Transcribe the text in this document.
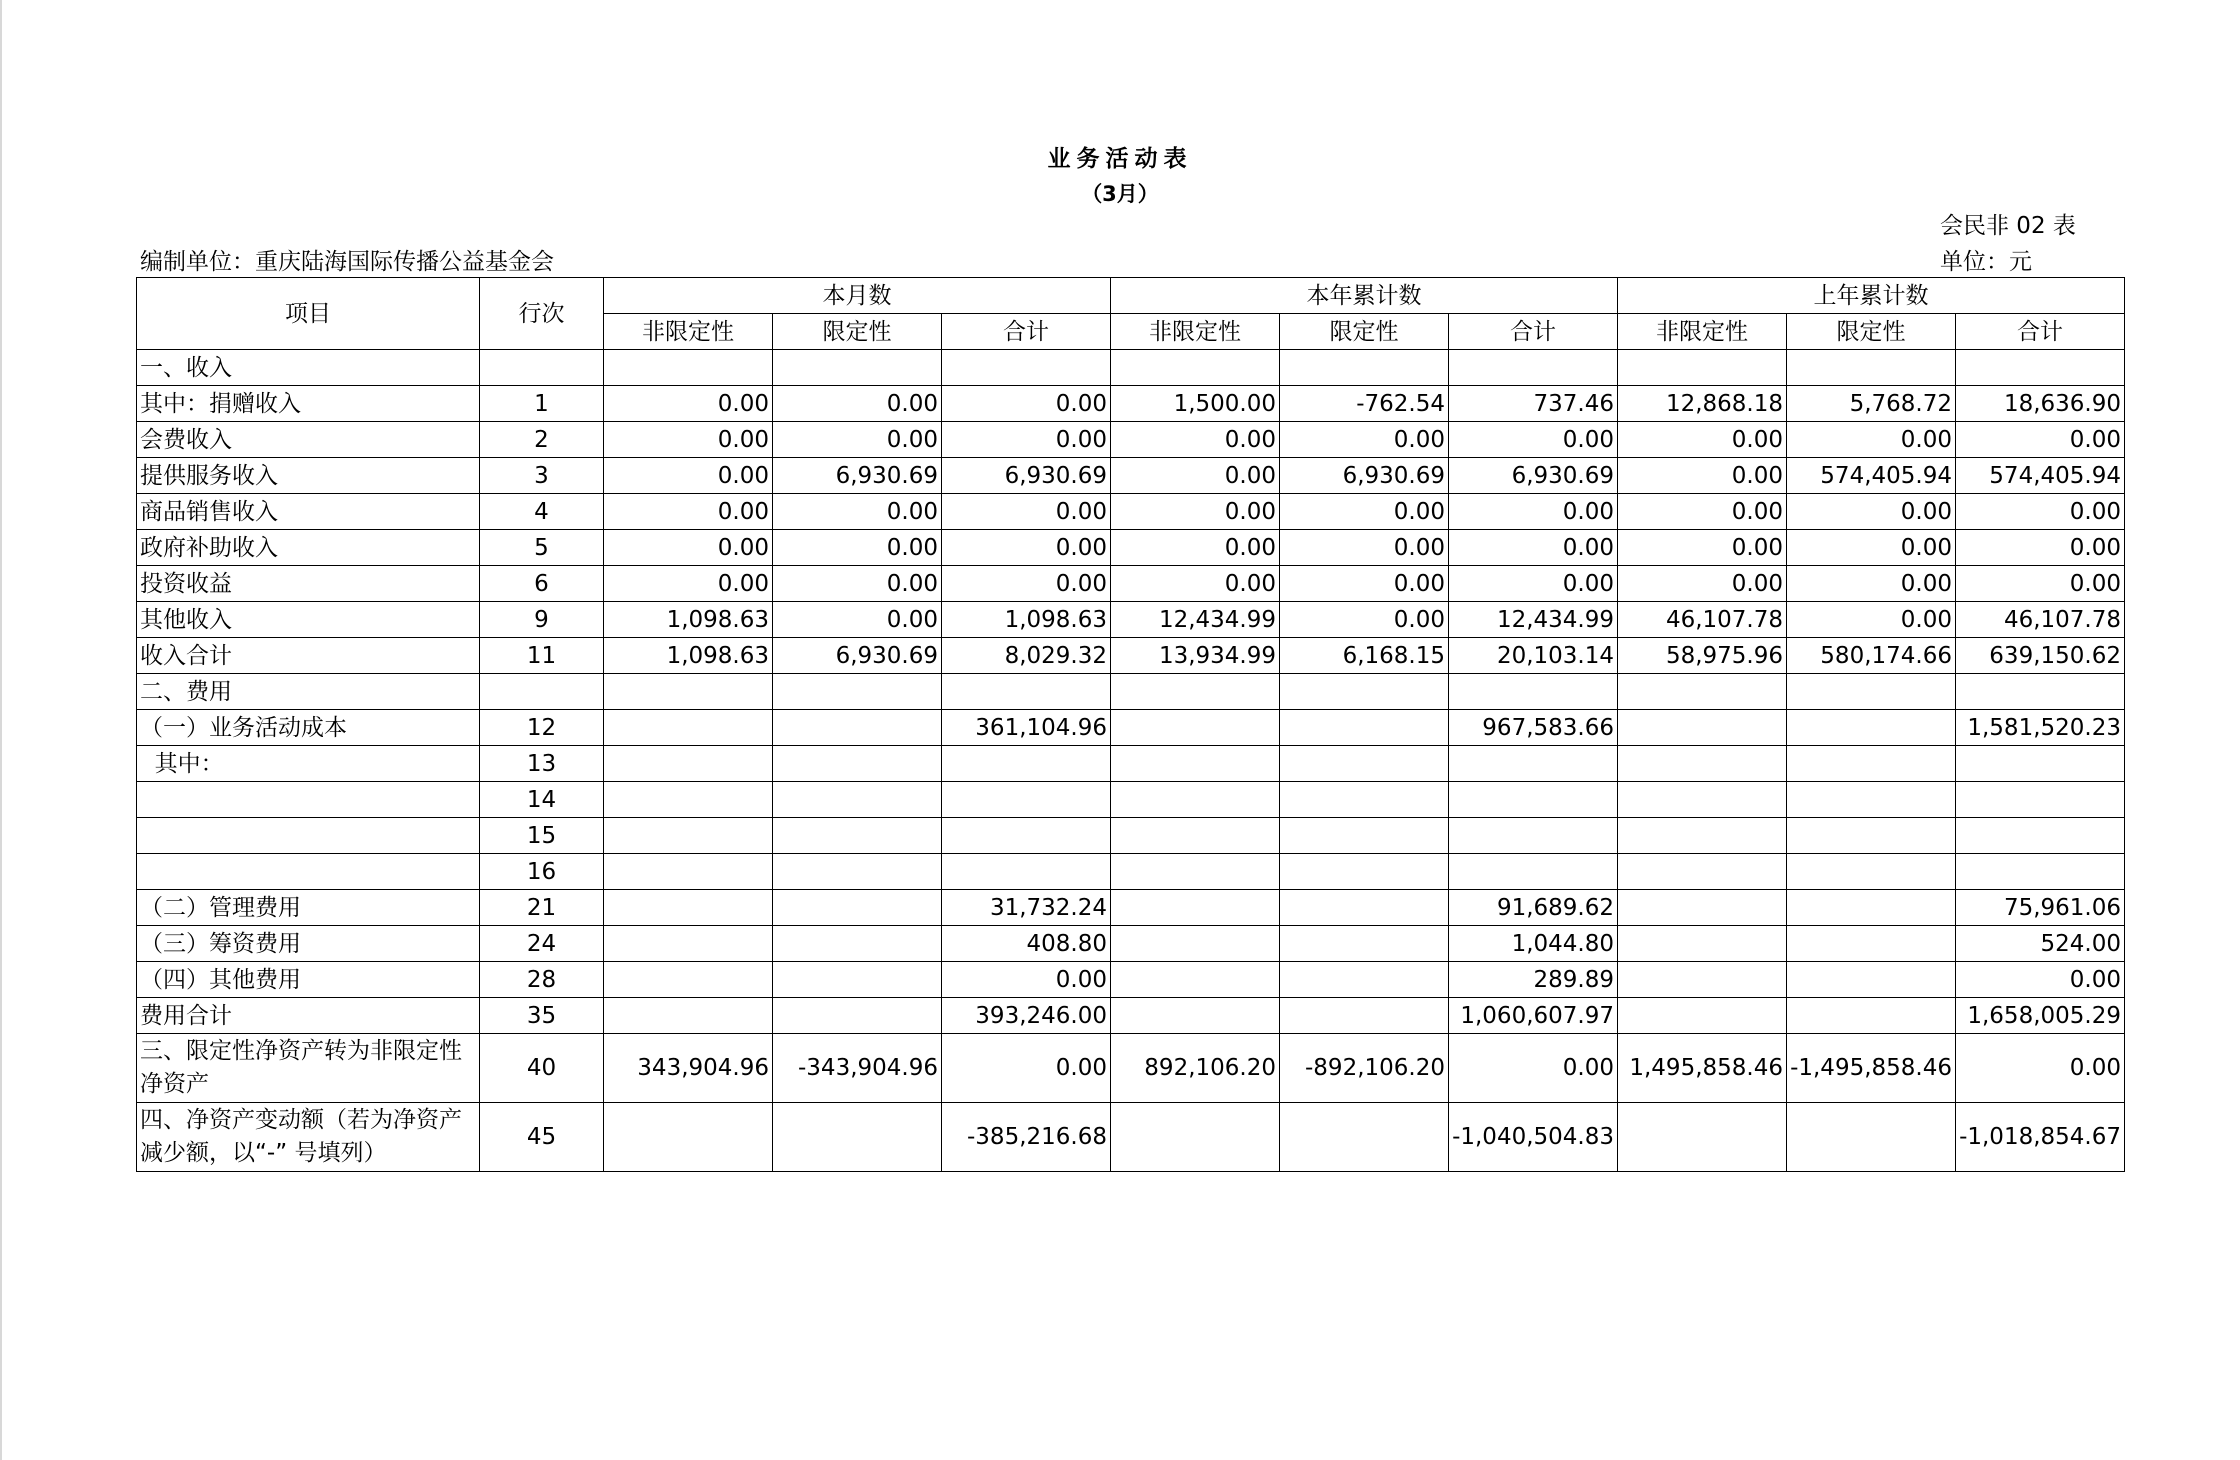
业务活动表
（3月）
会民非 02 表
编制单位：重庆陆海国际传播公益基金会	单位：元
项目	行次	本月数			本年累计数			上年累计数		
		非限定性	限定性	合计	非限定性	限定性	合计	非限定性	限定性	合计
一、收入										
其中：捐赠收入	1	0.00	0.00	0.00	1,500.00	-762.54	737.46	12,868.18	5,768.72	18,636.90
会费收入	2	0.00	0.00	0.00	0.00	0.00	0.00	0.00	0.00	0.00
提供服务收入	3	0.00	6,930.69	6,930.69	0.00	6,930.69	6,930.69	0.00	574,405.94	574,405.94
商品销售收入	4	0.00	0.00	0.00	0.00	0.00	0.00	0.00	0.00	0.00
政府补助收入	5	0.00	0.00	0.00	0.00	0.00	0.00	0.00	0.00	0.00
投资收益	6	0.00	0.00	0.00	0.00	0.00	0.00	0.00	0.00	0.00
其他收入	9	1,098.63	0.00	1,098.63	12,434.99	0.00	12,434.99	46,107.78	0.00	46,107.78
收入合计	11	1,098.63	6,930.69	8,029.32	13,934.99	6,168.15	20,103.14	58,975.96	580,174.66	639,150.62
二、费用										
（一）业务活动成本	12			361,104.96			967,583.66			1,581,520.23
其中：	13									
	14									
	15									
	16									
（二）管理费用	21			31,732.24			91,689.62			75,961.06
（三）筹资费用	24			408.80			1,044.80			524.00
（四）其他费用	28			0.00			289.89			0.00
费用合计	35			393,246.00			1,060,607.97			1,658,005.29
三、限定性净资产转为非限定性净资产	40	343,904.96	-343,904.96	0.00	892,106.20	-892,106.20	0.00	1,495,858.46	-1,495,858.46	0.00
四、净资产变动额（若为净资产减少额，以“-” 号填列）	45			-385,216.68			-1,040,504.83			-1,018,854.67
